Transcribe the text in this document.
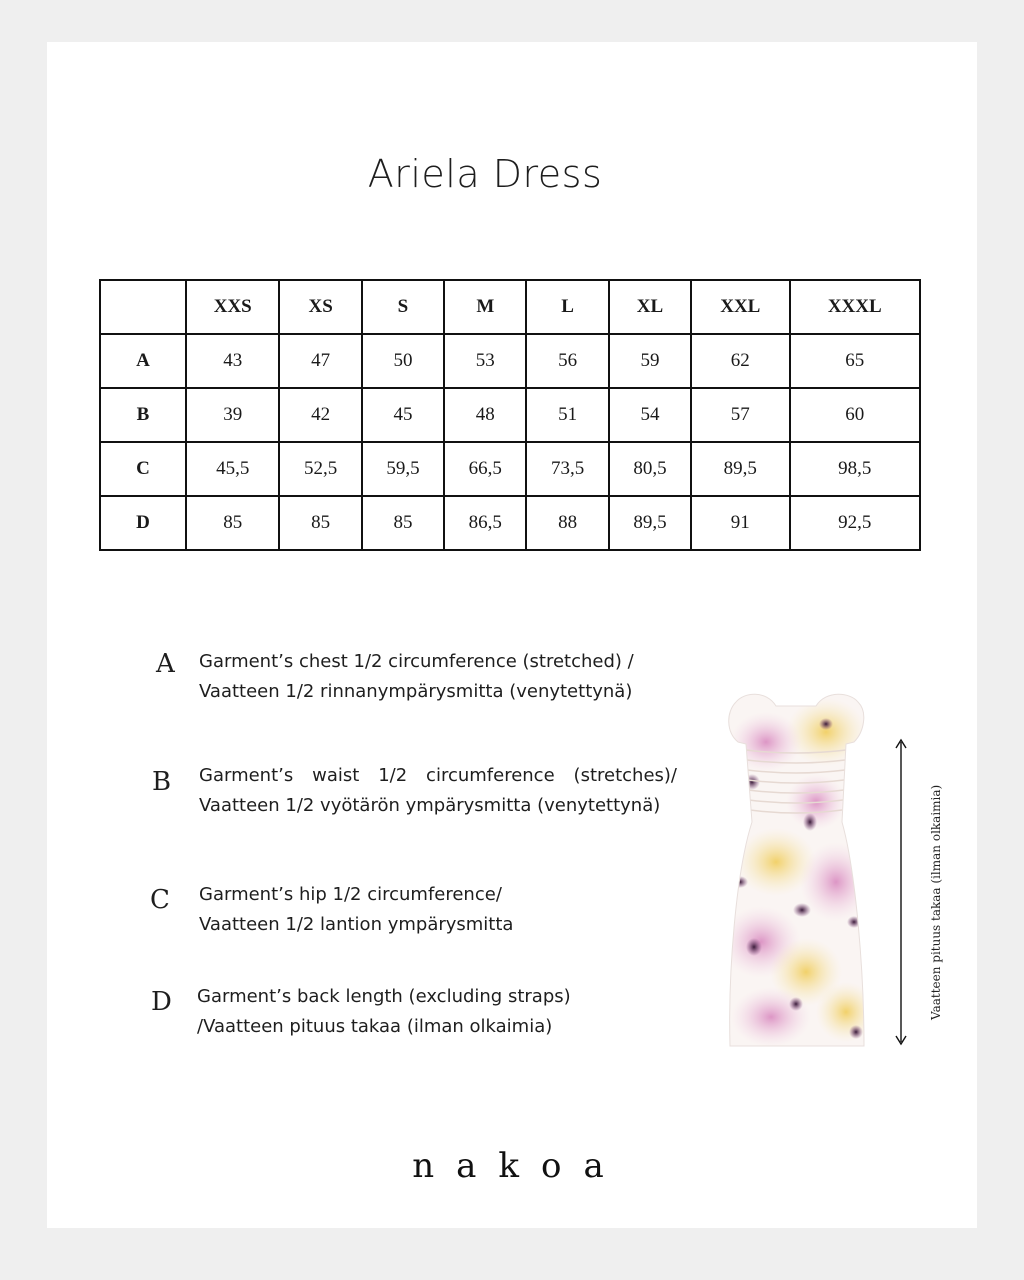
Ariela Dress
	XXS	XS	S	M	L	XL	XXL	XXXL
A	43	47	50	53	56	59	62	65
B	39	42	45	48	51	54	57	60
C	45,5	52,5	59,5	66,5	73,5	80,5	89,5	98,5
D	85	85	85	86,5	88	89,5	91	92,5
A Garment’s chest 1/2 circumference (stretched) /
Vaatteen 1/2 rinnanympärysmitta (venytettynä)
B Garment’s waist 1/2 circumference (stretches)/
Vaatteen 1/2 vyötärön ympärysmitta (venytettynä)
C Garment’s hip 1/2 circumference/
Vaatteen 1/2 lantion ympärysmitta
D Garment’s back length (excluding straps)
/Vaatteen pituus takaa (ilman olkaimia)
Vaatteen pituus takaa (ilman olkaimia)
nakoa
